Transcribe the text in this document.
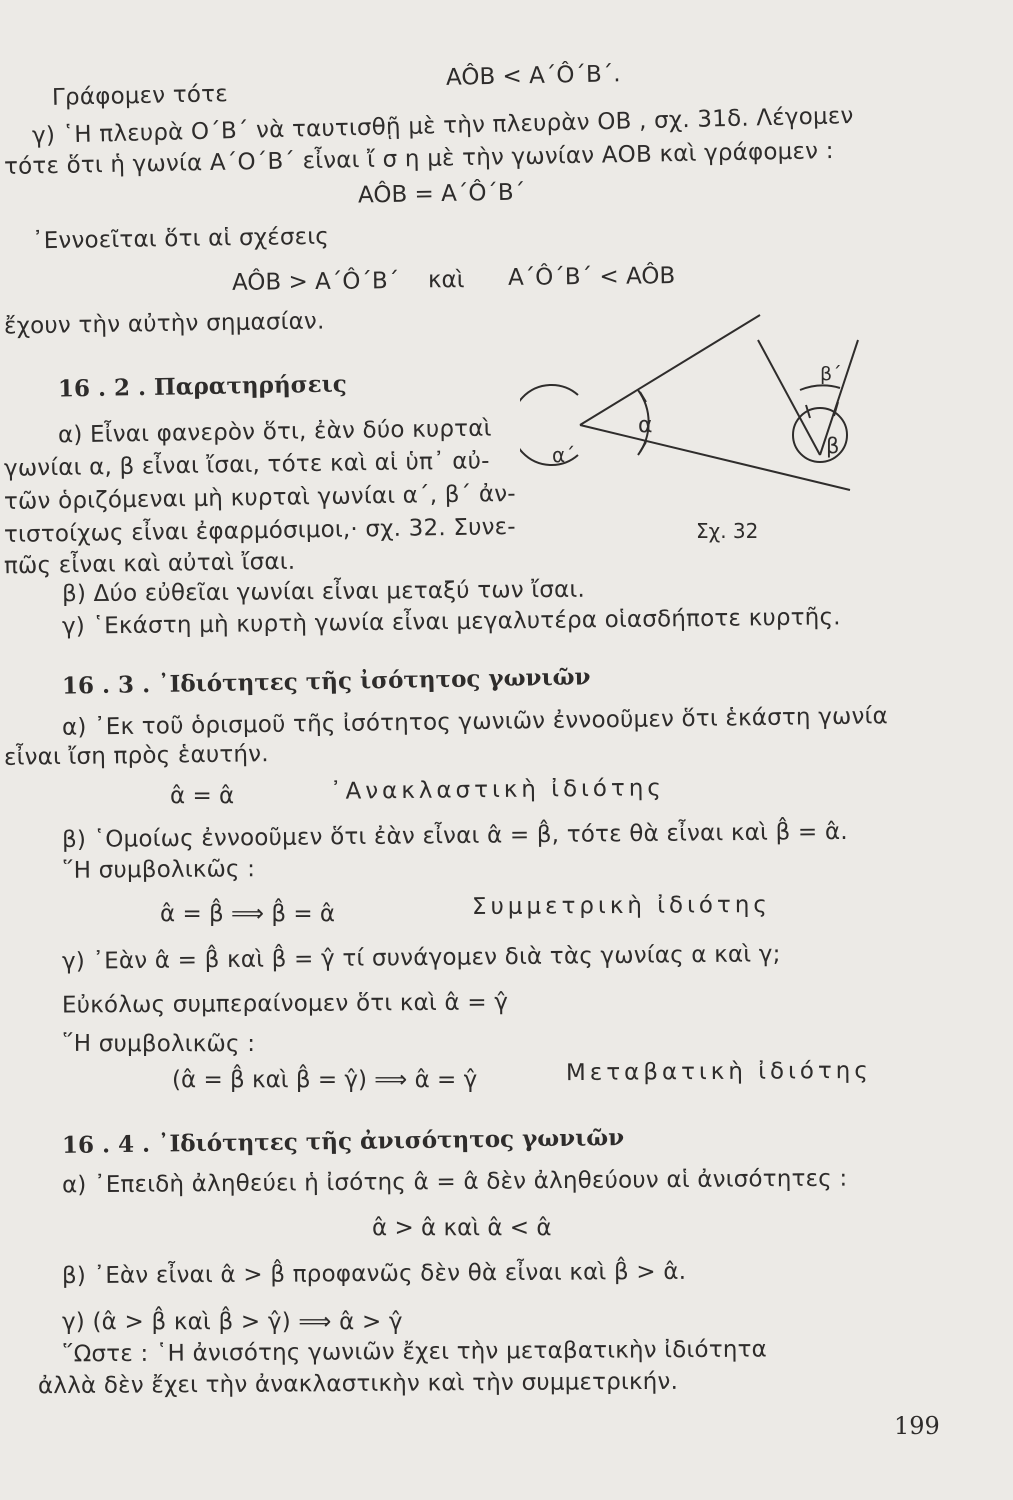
Γράφομεν τότε
AÔB < A΄Ô΄B΄.
γ) ῾Η πλευρὰ Ο΄Β΄ νὰ ταυτισθῇ μὲ τὴν πλευρὰν ΟΒ , σχ. 31δ. Λέγομεν
τότε ὅτι ἡ γωνία Α΄Ο΄Β΄ εἶναι ἴ σ η μὲ τὴν γωνίαν ΑΟΒ καὶ γράφομεν :
AÔB = A΄Ô΄B΄
᾿Εννοεῖται ὅτι αἱ σχέσεις
AÔB > A΄Ô΄B΄ καὶ A΄Ô΄B΄ < AÔB
ἔχουν τὴν αὐτὴν σημασίαν.
16 . 2 . Παρατηρήσεις
α) Εἶναι φανερὸν ὅτι, ἐὰν δύο κυρταὶ
γωνίαι α, β εἶναι ἴσαι, τότε καὶ αἱ ὑπ᾿ αὐ-
τῶν ὁριζόμεναι μὴ κυρταὶ γωνίαι α΄, β΄ ἀν-
τιστοίχως εἶναι ἐφαρμόσιμοι,· σχ. 32. Συνε-
πῶς εἶναι καὶ αὐταὶ ἴσαι.
β) Δύο εὐθεῖαι γωνίαι εἶναι μεταξύ των ἴσαι.
γ) ῾Εκάστη μὴ κυρτὴ γωνία εἶναι μεγαλυτέρα οἱασδήποτε κυρτῆς.
α
α΄	β
β΄
Σχ. 32
16 . 3 . ᾿Ιδιότητες τῆς ἰσότητος γωνιῶν
α) ᾿Εκ τοῦ ὁρισμοῦ τῆς ἰσότητος γωνιῶν ἐννοοῦμεν ὅτι ἑκάστη γωνία
εἶναι ἴση πρὸς ἑαυτήν.
α̂ = α̂	᾿Ανακλαστικὴ ἰδιότης
β) ῾Ομοίως ἐννοοῦμεν ὅτι ἐὰν εἶναι α̂ = β̂, τότε θὰ εἶναι καὶ β̂ = α̂.
῞Η συμβολικῶς :
α̂ = β̂ ⟹ β̂ = α̂	Συμμετρικὴ ἰδιότης
γ) ᾿Εὰν α̂ = β̂ καὶ β̂ = γ̂ τί συνάγομεν διὰ τὰς γωνίας α καὶ γ;
Εὐκόλως συμπεραίνομεν ὅτι καὶ α̂ = γ̂
῞Η συμβολικῶς :
(α̂ = β̂ καὶ β̂ = γ̂) ⟹ α̂ = γ̂	Μεταβατικὴ ἰδιότης
16 . 4 . ᾿Ιδιότητες τῆς ἀνισότητος γωνιῶν
α) ᾿Επειδὴ ἀληθεύει ἡ ἰσότης α̂ = α̂ δὲν ἀληθεύουν αἱ ἀνισότητες :
α̂ > α̂ καὶ α̂ < α̂
β) ᾿Εὰν εἶναι α̂ > β̂ προφανῶς δὲν θὰ εἶναι καὶ β̂ > α̂.
γ) (α̂ > β̂ καὶ β̂ > γ̂) ⟹ α̂ > γ̂
῞Ωστε : ῾Η ἀνισότης γωνιῶν ἔχει τὴν μεταβατικὴν ἰδιότητα
ἀλλὰ δὲν ἔχει τὴν ἀνακλαστικὴν καὶ τὴν συμμετρικήν.
199
